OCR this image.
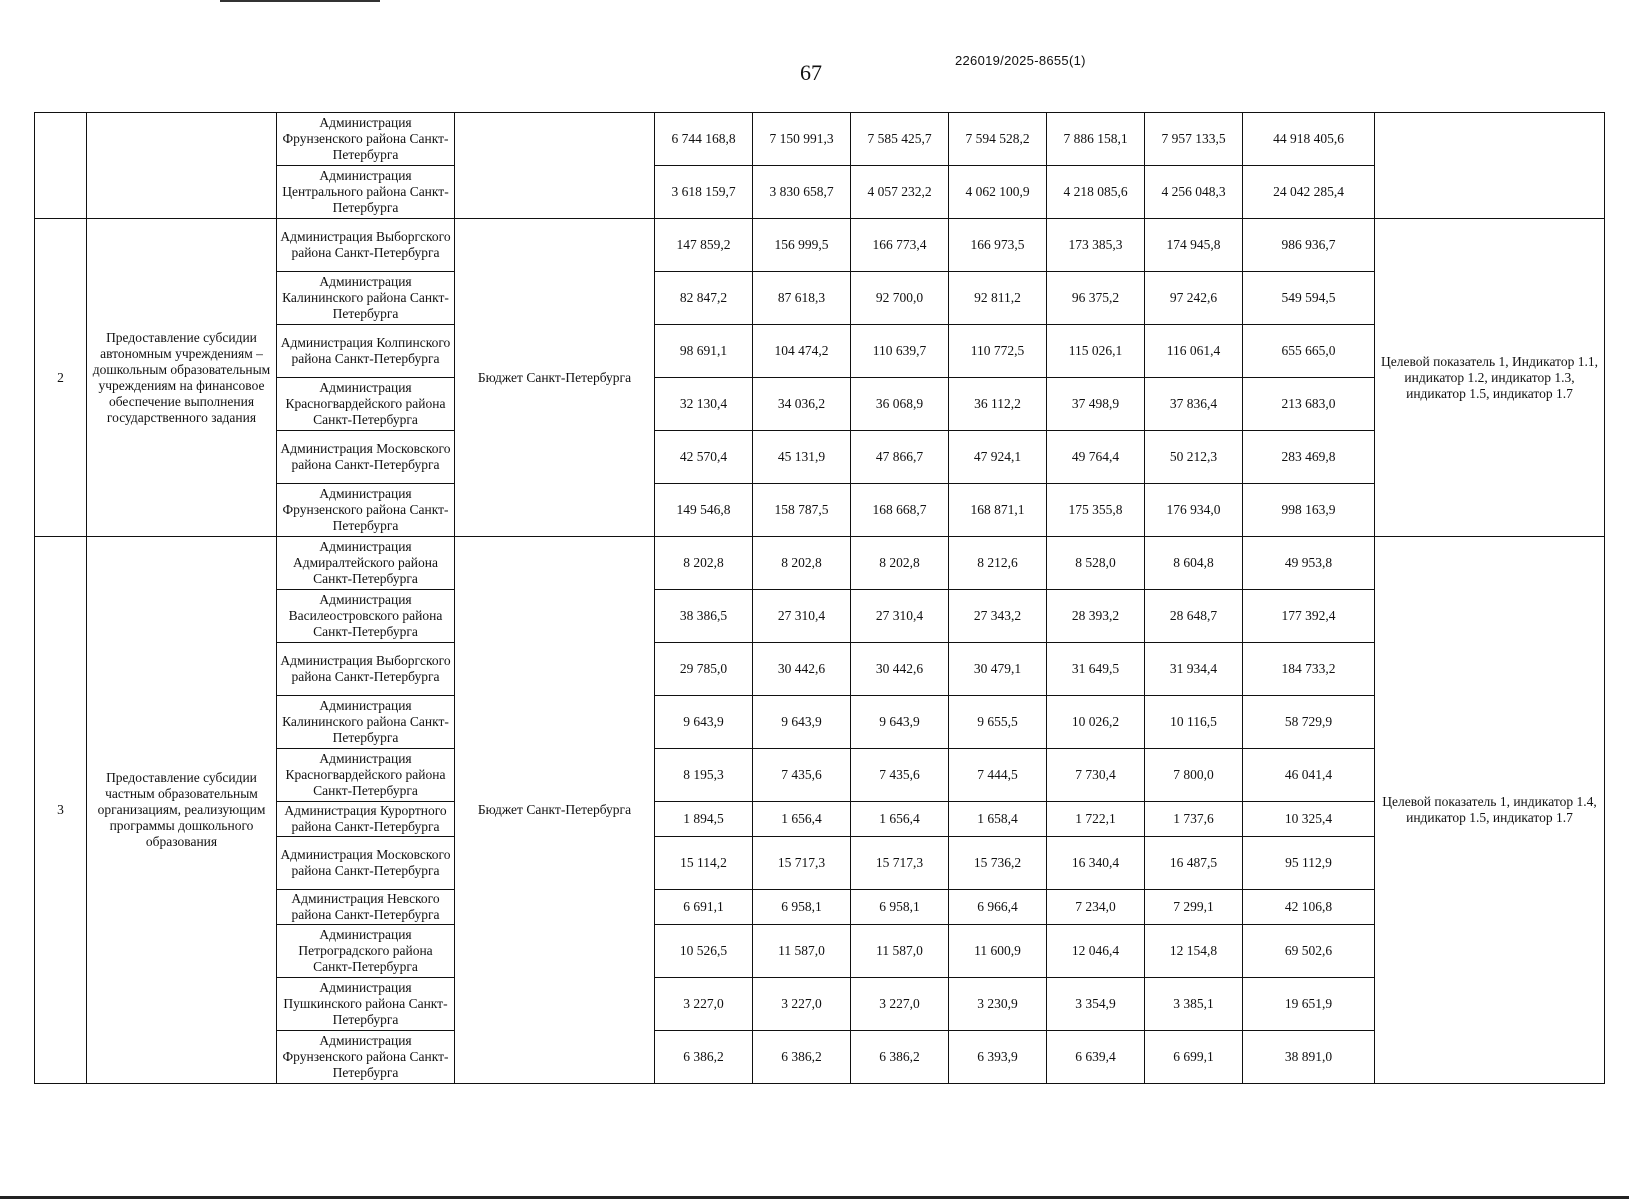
67	226019/2025-8655(1)
		Администрация Фрунзенского района Санкт-Петербурга		6 744 168,8	7 150 991,3	7 585 425,7	7 594 528,2	7 886 158,1	7 957 133,5	44 918 405,6	
		Администрация Центрального района Санкт-Петербурга		3 618 159,7	3 830 658,7	4 057 232,2	4 062 100,9	4 218 085,6	4 256 048,3	24 042 285,4	
2	Предоставление субсидии автономным учреждениям – дошкольным образовательным учреждениям на финансовое обеспечение выполнения государственного задания	Администрация Выборгского района Санкт-Петербурга	Бюджет Санкт-Петербурга	147 859,2	156 999,5	166 773,4	166 973,5	173 385,3	174 945,8	986 936,7	Целевой показатель 1, Индикатор 1.1, индикатор 1.2, индикатор 1.3, индикатор 1.5, индикатор 1.7
		Администрация Калининского района Санкт-Петербурга		82 847,2	87 618,3	92 700,0	92 811,2	96 375,2	97 242,6	549 594,5	
		Администрация Колпинского района Санкт-Петербурга		98 691,1	104 474,2	110 639,7	110 772,5	115 026,1	116 061,4	655 665,0	
		Администрация Красногвардейского района Санкт-Петербурга		32 130,4	34 036,2	36 068,9	36 112,2	37 498,9	37 836,4	213 683,0	
		Администрация Московского района Санкт-Петербурга		42 570,4	45 131,9	47 866,7	47 924,1	49 764,4	50 212,3	283 469,8	
		Администрация Фрунзенского района Санкт-Петербурга		149 546,8	158 787,5	168 668,7	168 871,1	175 355,8	176 934,0	998 163,9	
3	Предоставление субсидии частным образовательным организациям, реализующим программы дошкольного образования	Администрация Адмиралтейского района Санкт-Петербурга	Бюджет Санкт-Петербурга	8 202,8	8 202,8	8 202,8	8 212,6	8 528,0	8 604,8	49 953,8	Целевой показатель 1, индикатор 1.4, индикатор 1.5, индикатор 1.7
		Администрация Василеостровского района Санкт-Петербурга		38 386,5	27 310,4	27 310,4	27 343,2	28 393,2	28 648,7	177 392,4	
		Администрация Выборгского района Санкт-Петербурга		29 785,0	30 442,6	30 442,6	30 479,1	31 649,5	31 934,4	184 733,2	
		Администрация Калининского района Санкт-Петербурга		9 643,9	9 643,9	9 643,9	9 655,5	10 026,2	10 116,5	58 729,9	
		Администрация Красногвардейского района Санкт-Петербурга		8 195,3	7 435,6	7 435,6	7 444,5	7 730,4	7 800,0	46 041,4	
		Администрация Курортного района Санкт-Петербурга		1 894,5	1 656,4	1 656,4	1 658,4	1 722,1	1 737,6	10 325,4	
		Администрация Московского района Санкт-Петербурга		15 114,2	15 717,3	15 717,3	15 736,2	16 340,4	16 487,5	95 112,9	
		Администрация Невского района Санкт-Петербурга		6 691,1	6 958,1	6 958,1	6 966,4	7 234,0	7 299,1	42 106,8	
		Администрация Петроградского района Санкт-Петербурга		10 526,5	11 587,0	11 587,0	11 600,9	12 046,4	12 154,8	69 502,6	
		Администрация Пушкинского района Санкт-Петербурга		3 227,0	3 227,0	3 227,0	3 230,9	3 354,9	3 385,1	19 651,9	
		Администрация Фрунзенского района Санкт-Петербурга		6 386,2	6 386,2	6 386,2	6 393,9	6 639,4	6 699,1	38 891,0	
